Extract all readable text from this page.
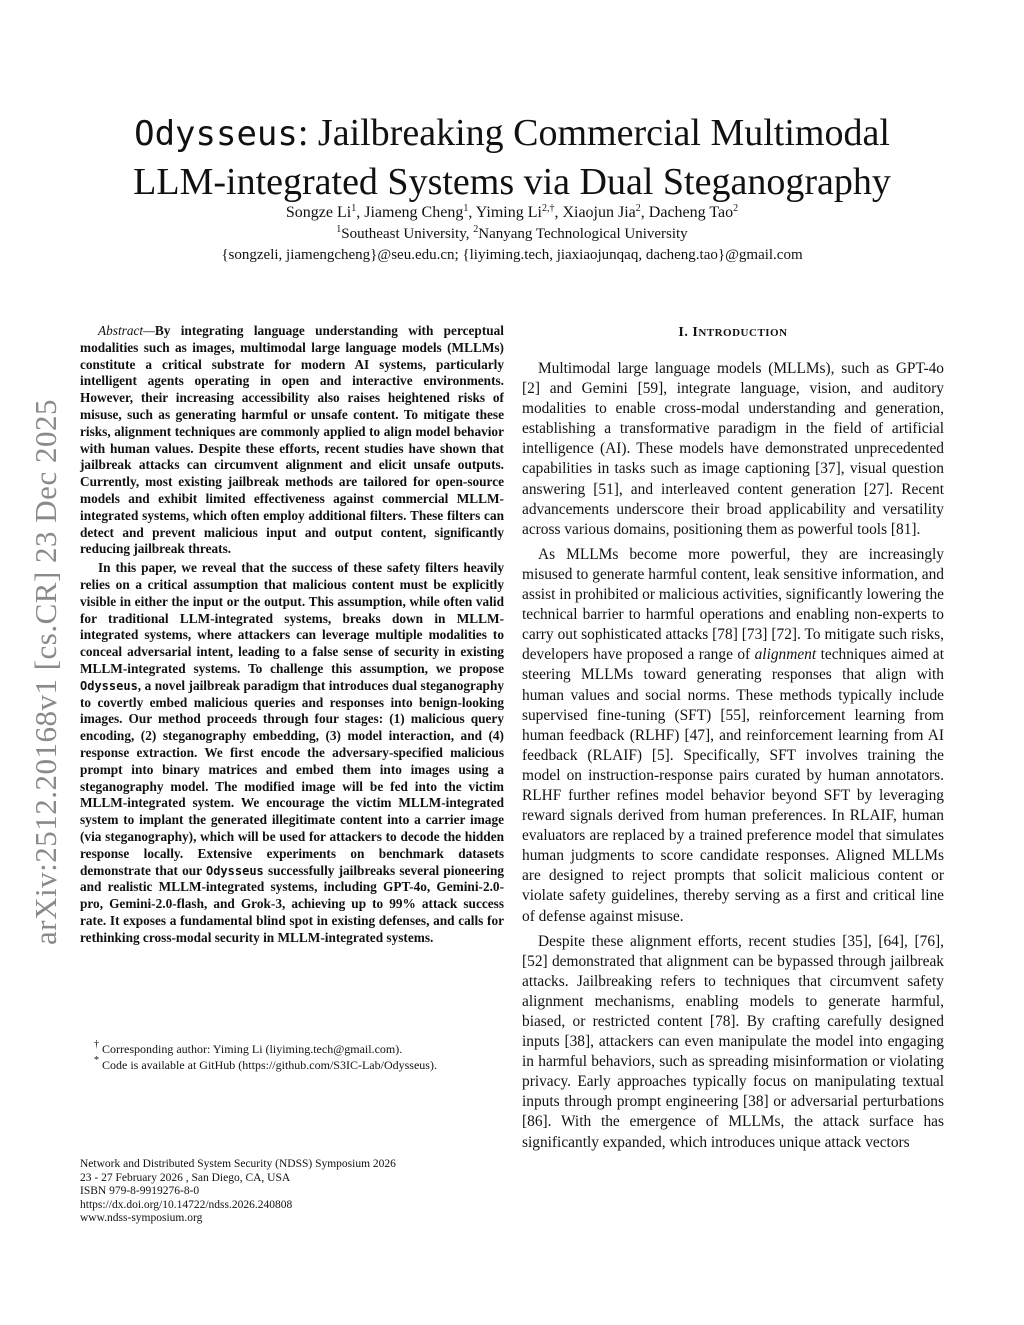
arXiv:2512.20168v1 [cs.CR] 23 Dec 2025
Odysseus: Jailbreaking Commercial Multimodal
LLM-integrated Systems via Dual Steganography
Songze Li$^1$, Jiameng Cheng$^1$, Yiming $Li^{2,\dagger}$, Xiaojun Jia$^2$, Dacheng Tao$^2$
$^1$Southeast University, $^2$Nanyang Technological University
{songzeli, jiamengcheng}@seu.edu.cn; {liyiming.tech, jiaxiaojunqaq, dacheng.tao}@gmail.com

Abstract—By integrating language understanding with perceptual modalities such as images, multimodal large language models (MLLMs) constitute a critical substrate for modern AI systems, particularly intelligent agents operating in open and interactive environments. However, their increasing accessibility also raises heightened risks of misuse, such as generating harmful or unsafe content. To mitigate these risks, alignment techniques are commonly applied to align model behavior with human values. Despite these efforts, recent studies have shown that jailbreak attacks can circumvent alignment and elicit unsafe outputs. Currently, most existing jailbreak methods are tailored for open-source models and exhibit limited effectiveness against commercial MLLM-integrated systems, which often employ additional filters. These filters can detect and prevent malicious input and output content, significantly reducing jailbreak threats.

In this paper, we reveal that the success of these safety filters heavily relies on a critical assumption that malicious content must be explicitly visible in either the input or the output. This assumption, while often valid for traditional LLM-integrated systems, breaks down in MLLM-integrated systems, where attackers can leverage multiple modalities to conceal adversarial intent, leading to a false sense of security in existing MLLM-integrated systems. To challenge this assumption, we propose Odysseus, a novel jailbreak paradigm that introduces dual steganography to covertly embed malicious queries and responses into benign-looking images. Our method proceeds through four stages: (1) malicious query encoding, (2) steganography embedding, (3) model interaction, and (4) response extraction. We first encode the adversary-specified malicious prompt into binary matrices and embed them into images using a steganography model. The modified image will be fed into the victim MLLM-integrated system. We encourage the victim MLLM-integrated system to implant the generated illegitimate content into a carrier image (via steganography), which will be used for attackers to decode the hidden response locally. Extensive experiments on benchmark datasets demonstrate that our Odysseus successfully jailbreaks several pioneering and realistic MLLM-integrated systems, including GPT-4o, Gemini-2.0-pro, Gemini-2.0-flash, and Grok-3, achieving up to 99% attack success rate. It exposes a fundamental blind spot in existing defenses, and calls for rethinking cross-modal security in MLLM-integrated systems.

† Corresponding author: Yiming Li (liyiming.tech@gmail.com).

* Code is available at GitHub (https://github.com/S3IC-Lab/Odysseus).

Network and Distributed System Security (NDSS) Symposium 2026
23 - 27 February 2026 , San Diego, CA, USA
ISBN 979-8-9919276-8-0
https://dx.doi.org/10.14722/ndss.2026.240808
www.ndss-symposium.org
I. INTRODUCTION

Multimodal large language models (MLLMs), such as GPT-4o [2] and Gemini [59], integrate language, vision, and auditory modalities to enable cross-modal understanding and generation, establishing a transformative paradigm in the field of artificial intelligence (AI). These models have demonstrated unprecedented capabilities in tasks such as image captioning [37], visual question answering [51], and interleaved content generation [27]. Recent advancements underscore their broad applicability and versatility across various domains, positioning them as powerful tools [81].

As MLLMs become more powerful, they are increasingly misused to generate harmful content, leak sensitive information, and assist in prohibited or malicious activities, significantly lowering the technical barrier to harmful operations and enabling non-experts to carry out sophisticated attacks [78] [73] [72]. To mitigate such risks, developers have proposed a range of alignment techniques aimed at steering MLLMs toward generating responses that align with human values and social norms. These methods typically include supervised fine-tuning (SFT) [55], reinforcement learning from human feedback (RLHF) [47], and reinforcement learning from AI feedback (RLAIF) [5]. Specifically, SFT involves training the model on instruction-response pairs curated by human annotators. RLHF further refines model behavior beyond SFT by leveraging reward signals derived from human preferences. In RLAIF, human evaluators are replaced by a trained preference model that simulates human judgments to score candidate responses. Aligned MLLMs are designed to reject prompts that solicit malicious content or violate safety guidelines, thereby serving as a first and critical line of defense against misuse.

Despite these alignment efforts, recent studies [35], [64], [76], [52] demonstrated that alignment can be bypassed through jailbreak attacks. Jailbreaking refers to techniques that circumvent safety alignment mechanisms, enabling models to generate harmful, biased, or restricted content [78]. By crafting carefully designed inputs [38], attackers can even manipulate the model into engaging in harmful behaviors, such as spreading misinformation or violating privacy. Early approaches typically focus on manipulating textual inputs through prompt engineering [38] or adversarial perturbations [86]. With the emergence of MLLMs, the attack surface has significantly expanded, which introduces unique attack vectors
